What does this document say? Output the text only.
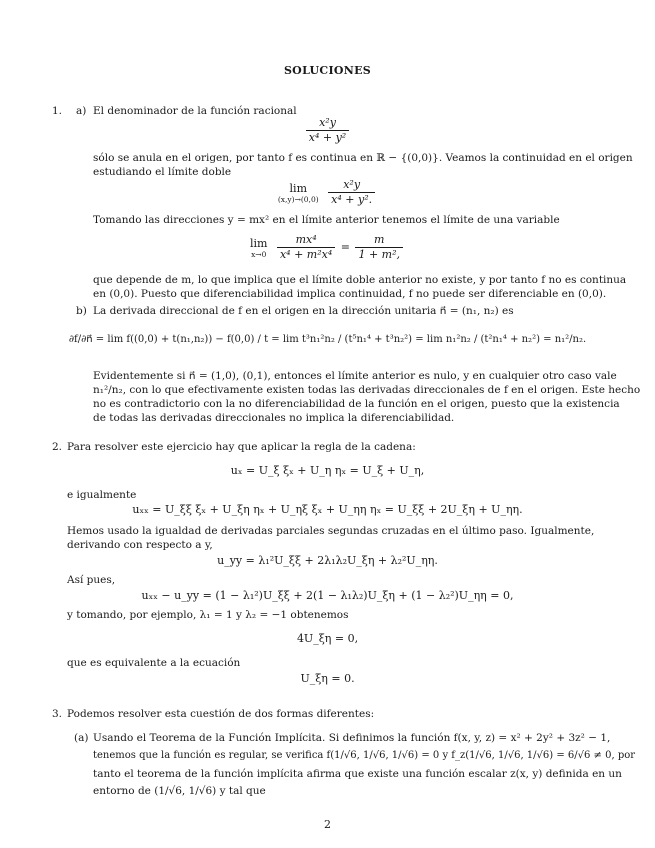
SOLUCIONES
1. a) El denominador de la función racional
$\frac{\text{x²y}}{\text{x⁴ + y²}}$
sólo se anula en el origen, por tanto f es continua en ℝ − {(0,0)}. Veamos la continuidad en el origen
estudiando el límite doble
lim
(x,y)→(0,0)
$\frac{\text{x²y}}{\text{x⁴ + y².}}$
Tomando las direcciones y = mx² en el límite anterior tenemos el límite de una variable
lim
x→0
$\frac{\text{mx⁴}}{\text{x⁴ + m²x⁴}} = \frac{m}{\text{1 + m²,}}$
que depende de m, lo que implica que el límite doble anterior no existe, y por tanto f no es continua
en (0,0). Puesto que diferenciabilidad implica continuidad, f no puede ser diferenciable en (0,0).
b) La derivada direccional de f en el origen en la dirección unitaria n⃗ = (n₁, n₂) es
∂f/∂n⃗ = lim f((0,0) + t(n₁,n₂)) − f(0,0) / t = lim t³n₁²n₂ / (t⁵n₁⁴ + t³n₂²) = lim n₁²n₂ / (t²n₁⁴ + n₂²) = n₁²/n₂.
Evidentemente si n⃗ = (1,0), (0,1), entonces el límite anterior es nulo, y en cualquier otro caso vale
n₁²/n₂, con lo que efectivamente existen todas las derivadas direccionales de f en el origen. Este hecho
no es contradictorio con la no diferenciabilidad de la función en el origen, puesto que la existencia
de todas las derivadas direccionales no implica la diferenciabilidad.
2. Para resolver este ejercicio hay que aplicar la regla de la cadena:
uₓ = U_ξ ξₓ + U_η ηₓ = U_ξ + U_η,
e igualmente
uₓₓ = U_ξξ ξₓ + U_ξη ηₓ + U_ηξ ξₓ + U_ηη ηₓ = U_ξξ + 2U_ξη + U_ηη.
Hemos usado la igualdad de derivadas parciales segundas cruzadas en el último paso. Igualmente,
derivando con respecto a y,
u_yy = λ₁²U_ξξ + 2λ₁λ₂U_ξη + λ₂²U_ηη.
Así pues,
uₓₓ − u_yy = (1 − λ₁²)U_ξξ + 2(1 − λ₁λ₂)U_ξη + (1 − λ₂²)U_ηη = 0,
y tomando, por ejemplo, λ₁ = 1 y λ₂ = −1 obtenemos
4U_ξη = 0,
que es equivalente a la ecuación
U_ξη = 0.
3. Podemos resolver esta cuestión de dos formas diferentes:
(a) Usando el Teorema de la Función Implícita. Si definimos la función f(x, y, z) = x² + 2y² + 3z² − 1,
tenemos que la función es regular, se verifica f(1/√6, 1/√6, 1/√6) = 0 y f_z(1/√6, 1/√6, 1/√6) = 6/√6 ≠ 0, por
tanto el teorema de la función implícita afirma que existe una función escalar z(x, y) definida en un
entorno de (1/√6, 1/√6) y tal que
2
